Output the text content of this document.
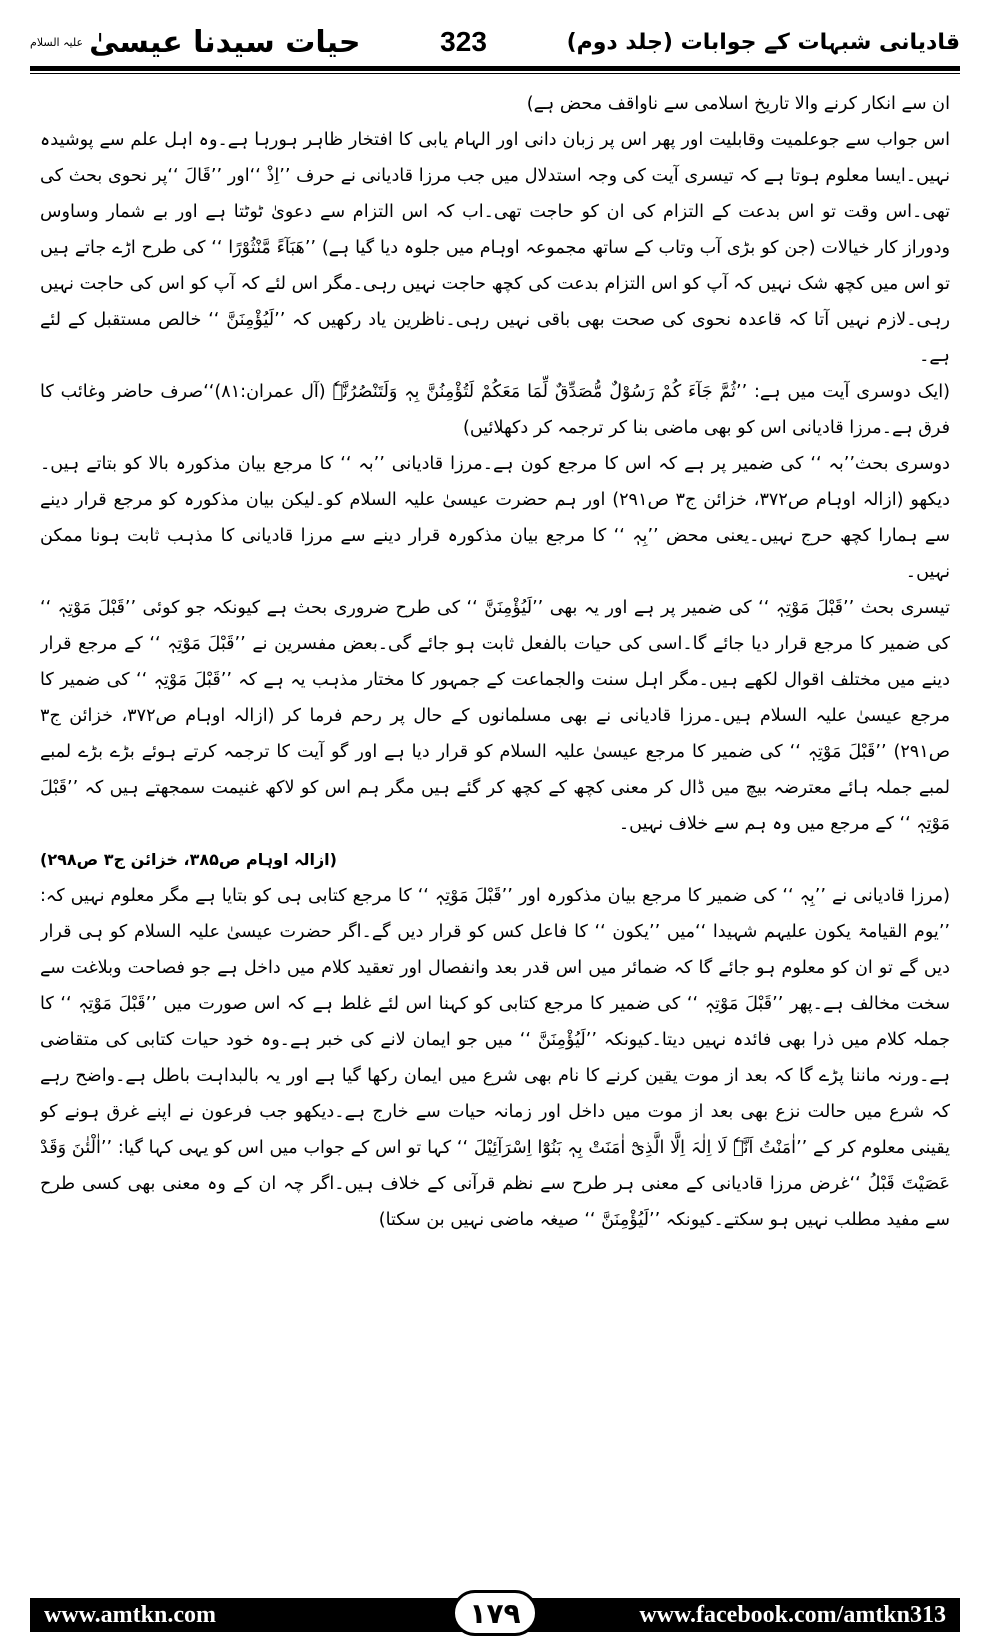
قادیانی شبہات کے جوابات (جلد دوم)
323
حیات سیدنا عیسیٰ
علیہ السلام

ان سے انکار کرنے والا تاریخ اسلامی سے ناواقف محض ہے)

اس جواب سے جوعلمیت وقابلیت اور پھر اس پر زبان دانی اور الہام یابی کا افتخار ظاہر ہورہا ہے۔وہ اہل علم سے پوشیدہ نہیں۔ایسا معلوم ہوتا ہے کہ تیسری آیت کی وجہ استدلال میں جب مرزا قادیانی نے حرف ’’اِذْ ‘‘اور ’’قَالَ ‘‘پر نحوی بحث کی تھی۔اس وقت تو اس بدعت کے التزام کی ان کو حاجت تھی۔اب کہ اس التزام سے دعویٰ ٹوٹتا ہے اور بے شمار وساوس ودوراز کار خیالات (جن کو بڑی آب وتاب کے ساتھ مجموعہ اوہام میں جلوہ دیا گیا ہے) ’’ھَبَآءً مَّنْثُوْرًا ‘‘ کی طرح اڑے جاتے ہیں تو اس میں کچھ شک نہیں کہ آپ کو اس التزام بدعت کی کچھ حاجت نہیں رہی۔مگر اس لئے کہ آپ کو اس کی حاجت نہیں رہی۔لازم نہیں آتا کہ قاعدہ نحوی کی صحت بھی باقی نہیں رہی۔ناظرین یاد رکھیں کہ ’’لَیُؤْمِنَنَّ ‘‘ خالص مستقبل کے لئے ہے۔

(ایک دوسری آیت میں ہے: ’’ثُمَّ جَآءَ کُمْ رَسُوْلٌ مُّصَدِّقٌ لِّمَا مَعَکُمْ لَتُؤْمِنُنَّ بِہٖ وَلَتَنْصُرُنَّہٗ (آل عمران:۸۱)‘‘صرف حاضر وغائب کا فرق ہے۔مرزا قادیانی اس کو بھی ماضی بنا کر ترجمہ کر دکھلائیں)

دوسری بحث’’بہ ‘‘ کی ضمیر پر ہے کہ اس کا مرجع کون ہے۔مرزا قادیانی ’’بہ ‘‘ کا مرجع بیان مذکورہ بالا کو بتاتے ہیں۔دیکھو (ازالہ اوہام ص۳۷۲، خزائن ج۳ ص۲۹۱) اور ہم حضرت عیسیٰ علیہ السلام کو۔لیکن بیان مذکورہ کو مرجع قرار دینے سے ہمارا کچھ حرج نہیں۔یعنی محض ’’بِہٖ ‘‘ کا مرجع بیان مذکورہ قرار دینے سے مرزا قادیانی کا مذہب ثابت ہونا ممکن نہیں۔

تیسری بحث ’’قَبْلَ مَوْتِہٖ ‘‘ کی ضمیر پر ہے اور یہ بھی ’’لَیُؤْمِنَنَّ ‘‘ کی طرح ضروری بحث ہے کیونکہ جو کوئی ’’قَبْلَ مَوْتِہٖ ‘‘ کی ضمیر کا مرجع قرار دیا جائے گا۔اسی کی حیات بالفعل ثابت ہو جائے گی۔بعض مفسرین نے ’’قَبْلَ مَوْتِہٖ ‘‘ کے مرجع قرار دینے میں مختلف اقوال لکھے ہیں۔مگر اہل سنت والجماعت کے جمہور کا مختار مذہب یہ ہے کہ ’’قَبْلَ مَوْتِہٖ ‘‘ کی ضمیر کا مرجع عیسیٰ علیہ السلام ہیں۔مرزا قادیانی نے بھی مسلمانوں کے حال پر رحم فرما کر (ازالہ اوہام ص۳۷۲، خزائن ج۳ ص۲۹۱) ’’قَبْلَ مَوْتِہٖ ‘‘ کی ضمیر کا مرجع عیسیٰ علیہ السلام کو قرار دیا ہے اور گو آیت کا ترجمہ کرتے ہوئے بڑے بڑے لمبے لمبے جملہ ہائے معترضہ بیچ میں ڈال کر معنی کچھ کے کچھ کر گئے ہیں مگر ہم اس کو لاکھ غنیمت سمجھتے ہیں کہ ’’قَبْلَ مَوْتِہٖ ‘‘ کے مرجع میں وہ ہم سے خلاف نہیں۔

(ازالہ اوہام ص۳۸۵، خزائن ج۳ ص۲۹۸)

(مرزا قادیانی نے ’’بِہٖ ‘‘ کی ضمیر کا مرجع بیان مذکورہ اور ’’قَبْلَ مَوْتِہٖ ‘‘ کا مرجع کتابی ہی کو بتایا ہے مگر معلوم نہیں کہ: ’’یوم القیامۃ یکون علیہم شہیدا ‘‘میں ’’یکون ‘‘ کا فاعل کس کو قرار دیں گے۔اگر حضرت عیسیٰ علیہ السلام کو ہی قرار دیں گے تو ان کو معلوم ہو جائے گا کہ ضمائر میں اس قدر بعد وانفصال اور تعقید کلام میں داخل ہے جو فصاحت وبلاغت سے سخت مخالف ہے۔پھر ’’قَبْلَ مَوْتِہٖ ‘‘ کی ضمیر کا مرجع کتابی کو کہنا اس لئے غلط ہے کہ اس صورت میں ’’قَبْلَ مَوْتِہٖ ‘‘ کا جملہ کلام میں ذرا بھی فائدہ نہیں دیتا۔کیونکہ ’’لَیُؤْمِنَنَّ ‘‘ میں جو ایمان لانے کی خبر ہے۔وہ خود حیات کتابی کی متقاضی ہے۔ورنہ ماننا پڑے گا کہ بعد از موت یقین کرنے کا نام بھی شرع میں ایمان رکھا گیا ہے اور یہ بالبداہت باطل ہے۔واضح رہے کہ شرع میں حالت نزع بھی بعد از موت میں داخل اور زمانہ حیات سے خارج ہے۔دیکھو جب فرعون نے اپنے غرق ہونے کو یقینی معلوم کر کے ’’اٰمَنْتُ اَنَّہٗ لَا اِلٰہَ اِلَّا الَّذِیْٓ اٰمَنَتْ بِہٖ بَنُوْٓا اِسْرَآئِیْلَ ‘‘ کہا تو اس کے جواب میں اس کو یہی کہا گیا: ’’اٰلْئٰنَ وَقَدْ عَصَیْتَ قَبْلُ ‘‘غرض مرزا قادیانی کے معنی ہر طرح سے نظم قرآنی کے خلاف ہیں۔اگر چہ ان کے وہ معنی بھی کسی طرح سے مفید مطلب نہیں ہو سکتے۔کیونکہ ’’لَیُؤْمِنَنَّ ‘‘ صیغہ ماضی نہیں بن سکتا)

www.amtkn.com	۱۷۹	www.facebook.com/amtkn313
